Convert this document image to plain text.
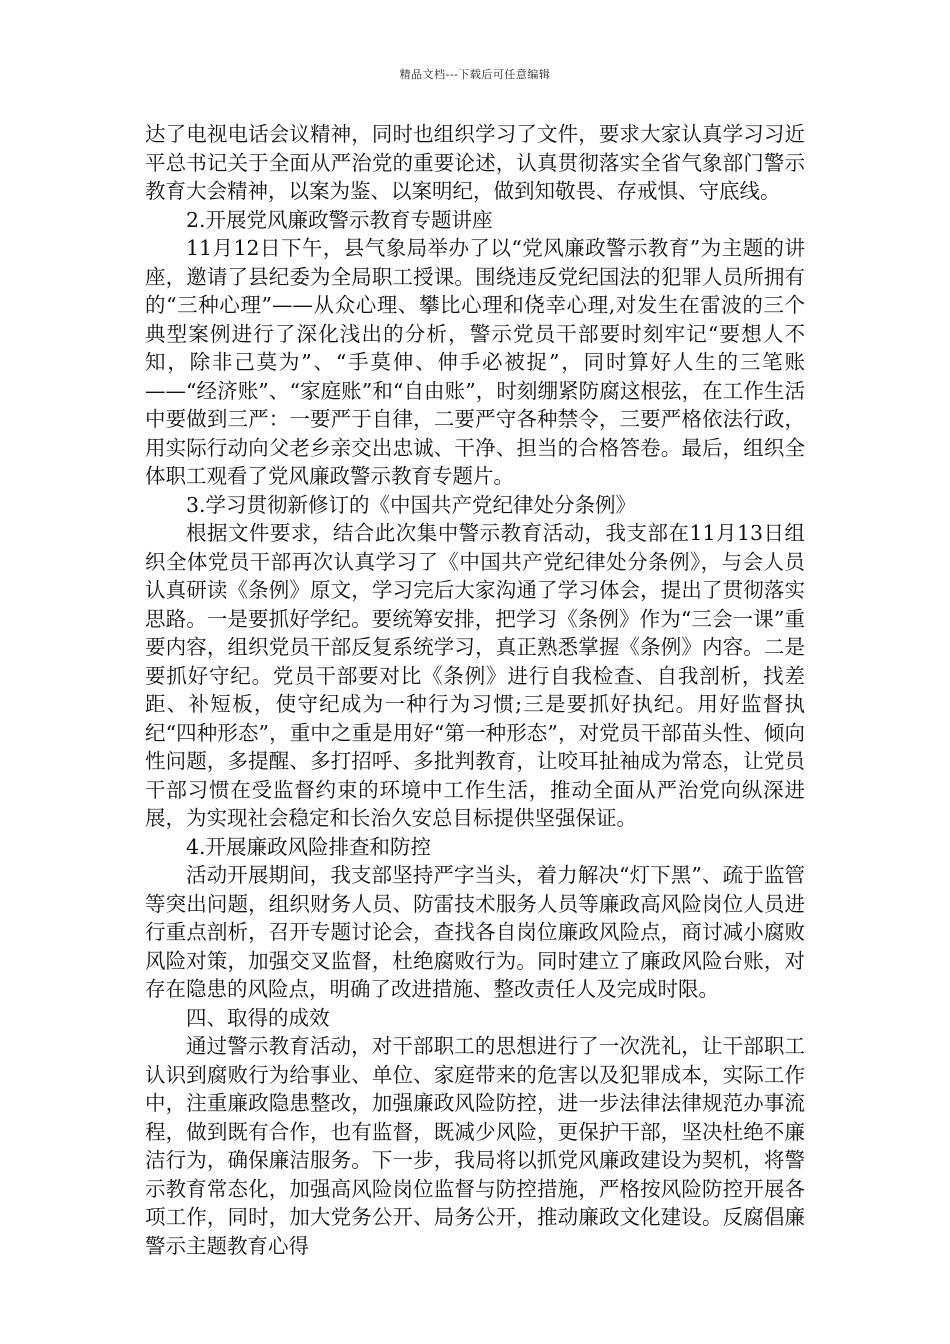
精品文档---下载后可任意编辑

达了电视电话会议精神，同时也组织学习了文件，要求大家认真学习习近平总书记关于全面从严治党的重要论述，认真贯彻落实全省气象部门警示教育大会精神，以案为鉴、以案明纪，做到知敬畏、存戒惧、守底线。

2.开展党风廉政警示教育专题讲座

11月12日下午，县气象局举办了以“党风廉政警示教育”为主题的讲座，邀请了县纪委为全局职工授课。围绕违反党纪国法的犯罪人员所拥有的“三种心理”——从众心理、攀比心理和侥幸心理,对发生在雷波的三个典型案例进行了深化浅出的分析，警示党员干部要时刻牢记“要想人不知，除非己莫为”、“手莫伸、伸手必被捉”，同时算好人生的三笔账——“经济账”、“家庭账”和“自由账”，时刻绷紧防腐这根弦，在工作生活中要做到三严：一要严于自律，二要严守各种禁令，三要严格依法行政，用实际行动向父老乡亲交出忠诚、干净、担当的合格答卷。最后，组织全体职工观看了党风廉政警示教育专题片。

3.学习贯彻新修订的《中国共产党纪律处分条例》

根据文件要求，结合此次集中警示教育活动，我支部在11月13日组织全体党员干部再次认真学习了《中国共产党纪律处分条例》，与会人员认真研读《条例》原文，学习完后大家沟通了学习体会，提出了贯彻落实思路。一是要抓好学纪。要统筹安排，把学习《条例》作为“三会一课”重要内容，组织党员干部反复系统学习，真正熟悉掌握《条例》内容。二是要抓好守纪。党员干部要对比《条例》进行自我检查、自我剖析，找差距、补短板，使守纪成为一种行为习惯;三是要抓好执纪。用好监督执纪“四种形态”，重中之重是用好“第一种形态”，对党员干部苗头性、倾向性问题，多提醒、多打招呼、多批判教育，让咬耳扯袖成为常态，让党员干部习惯在受监督约束的环境中工作生活，推动全面从严治党向纵深进展，为实现社会稳定和长治久安总目标提供坚强保证。

4.开展廉政风险排查和防控

活动开展期间，我支部坚持严字当头，着力解决“灯下黑”、疏于监管等突出问题，组织财务人员、防雷技术服务人员等廉政高风险岗位人员进行重点剖析，召开专题讨论会，查找各自岗位廉政风险点，商讨减小腐败风险对策，加强交叉监督，杜绝腐败行为。同时建立了廉政风险台账，对存在隐患的风险点，明确了改进措施、整改责任人及完成时限。

四、取得的成效

通过警示教育活动，对干部职工的思想进行了一次洗礼，让干部职工认识到腐败行为给事业、单位、家庭带来的危害以及犯罪成本，实际工作中，注重廉政隐患整改，加强廉政风险防控，进一步法律法律规范办事流程，做到既有合作，也有监督，既减少风险，更保护干部，坚决杜绝不廉洁行为，确保廉洁服务。下一步，我局将以抓党风廉政建设为契机，将警示教育常态化，加强高风险岗位监督与防控措施，严格按风险防控开展各项工作，同时，加大党务公开、局务公开，推动廉政文化建设。反腐倡廉警示主题教育心得
